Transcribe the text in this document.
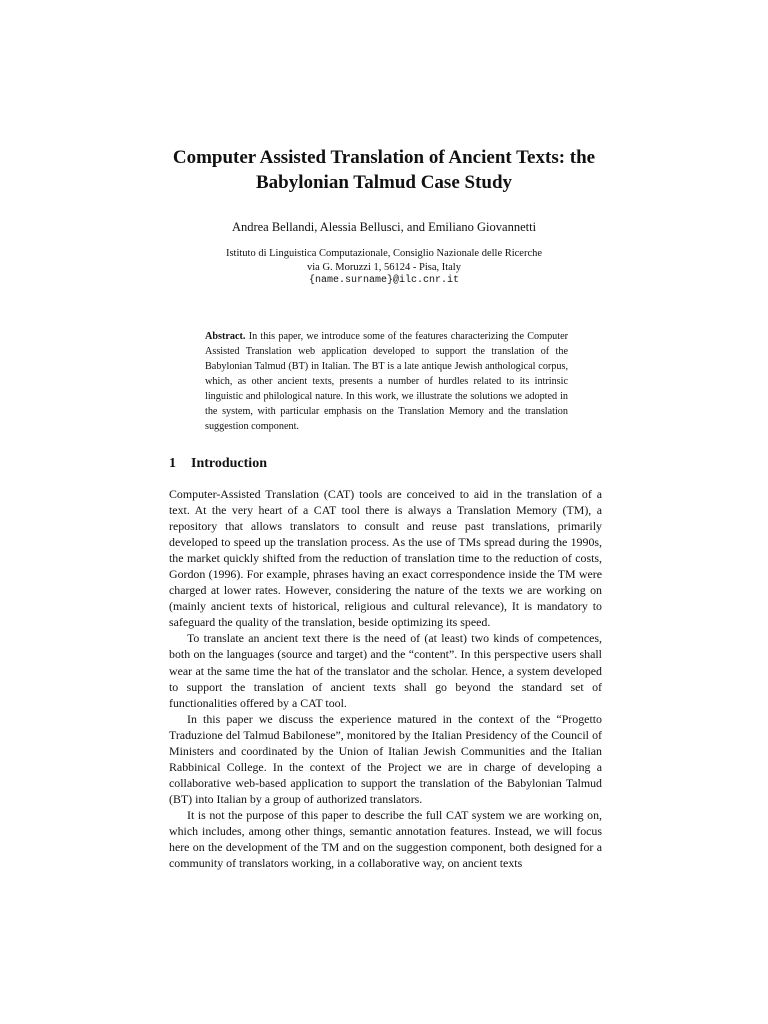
Computer Assisted Translation of Ancient Texts: the
Babylonian Talmud Case Study
Andrea Bellandi, Alessia Bellusci, and Emiliano Giovannetti
Istituto di Linguistica Computazionale, Consiglio Nazionale delle Ricerche
via G. Moruzzi 1, 56124 - Pisa, Italy
{name.surname}@ilc.cnr.it
Abstract. In this paper, we introduce some of the features characterizing the Computer Assisted Translation web application developed to support the translation of the Babylonian Talmud (BT) in Italian. The BT is a late antique Jewish anthological corpus, which, as other ancient texts, presents a number of hurdles related to its intrinsic linguistic and philological nature. In this work, we illustrate the solutions we adopted in the system, with particular emphasis on the Translation Memory and the translation suggestion component.
1 Introduction

Computer-Assisted Translation (CAT) tools are conceived to aid in the translation of a text. At the very heart of a CAT tool there is always a Translation Memory (TM), a repository that allows translators to consult and reuse past translations, primarily developed to speed up the translation process. As the use of TMs spread during the 1990s, the market quickly shifted from the reduction of translation time to the reduction of costs, Gordon (1996). For example, phrases having an exact correspondence inside the TM were charged at lower rates. However, considering the nature of the texts we are working on (mainly ancient texts of historical, religious and cultural relevance), It is mandatory to safeguard the quality of the translation, beside optimizing its speed.

To translate an ancient text there is the need of (at least) two kinds of competences, both on the languages (source and target) and the “content”. In this perspective users shall wear at the same time the hat of the translator and the scholar. Hence, a system developed to support the translation of ancient texts shall go beyond the standard set of functionalities offered by a CAT tool.

In this paper we discuss the experience matured in the context of the “Progetto Traduzione del Talmud Babilonese”, monitored by the Italian Presidency of the Council of Ministers and coordinated by the Union of Italian Jewish Communities and the Italian Rabbinical College. In the context of the Project we are in charge of developing a collaborative web-based application to support the translation of the Babylonian Talmud (BT) into Italian by a group of authorized translators.

It is not the purpose of this paper to describe the full CAT system we are working on, which includes, among other things, semantic annotation features. Instead, we will focus here on the development of the TM and on the suggestion component, both designed for a community of translators working, in a collaborative way, on ancient texts
